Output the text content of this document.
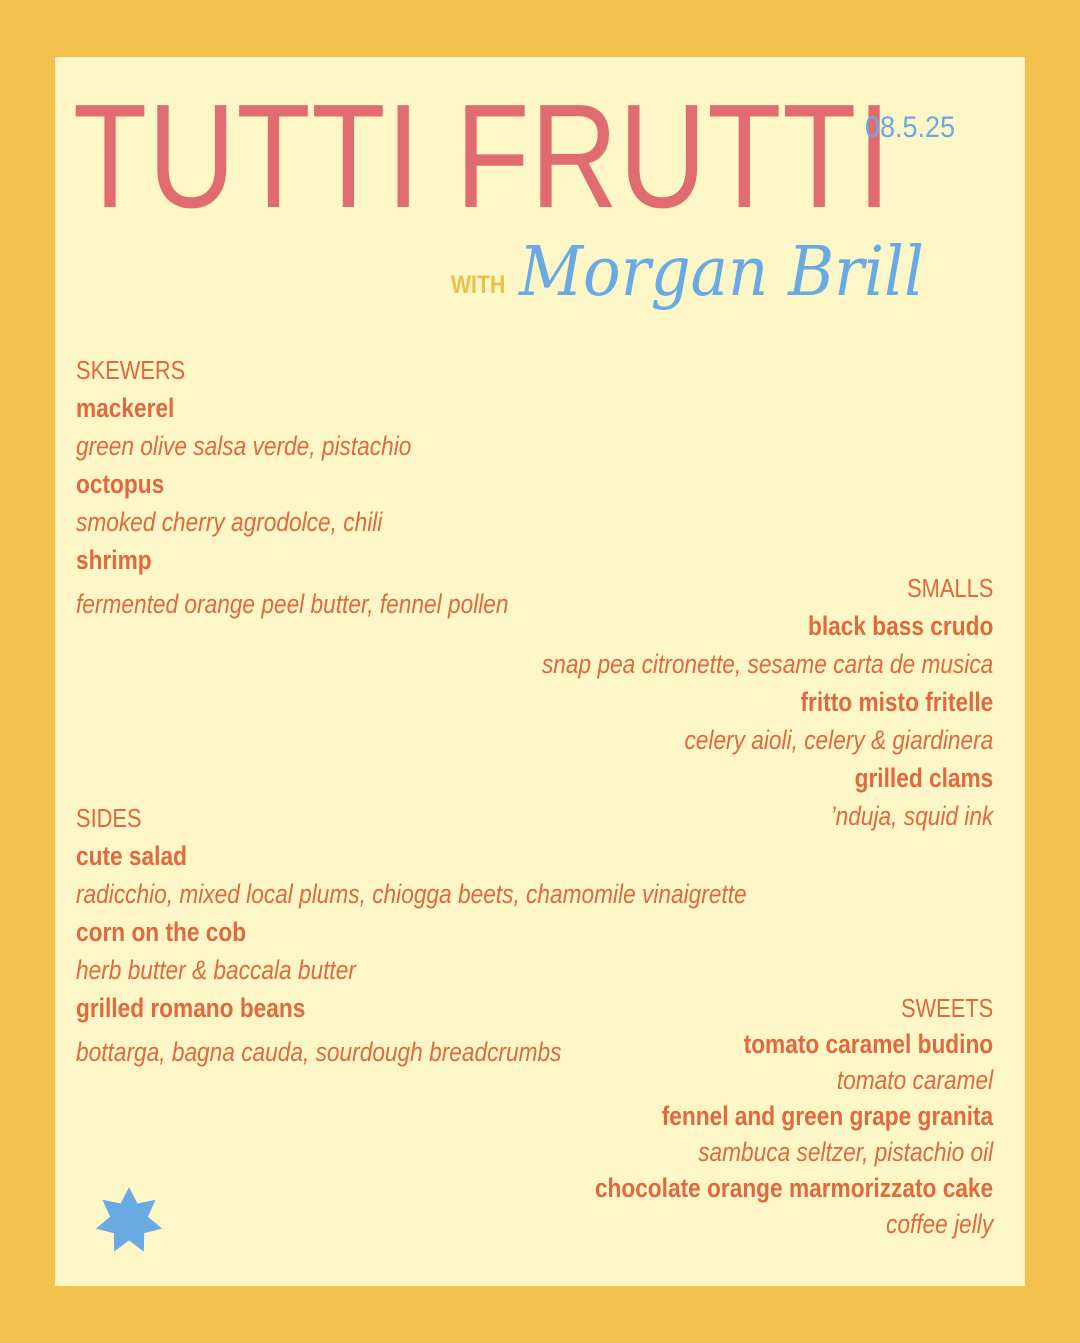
TUTTI FRUTTI
08.5.25
WITH Morgan Brill
SKEWERS
mackerel
green olive salsa verde, pistachio
octopus
smoked cherry agrodolce, chili
shrimp
fermented orange peel butter, fennel pollen
SMALLS
black bass crudo
snap pea citronette, sesame carta de musica
fritto misto fritelle
celery aioli, celery & giardinera
grilled clams
’nduja, squid ink
SIDES
cute salad
radicchio, mixed local plums, chiogga beets, chamomile vinaigrette
corn on the cob
herb butter & baccala butter
grilled romano beans
bottarga, bagna cauda, sourdough breadcrumbs
SWEETS
tomato caramel budino
tomato caramel
fennel and green grape granita
sambuca seltzer, pistachio oil
chocolate orange marmorizzato cake
coffee jelly
